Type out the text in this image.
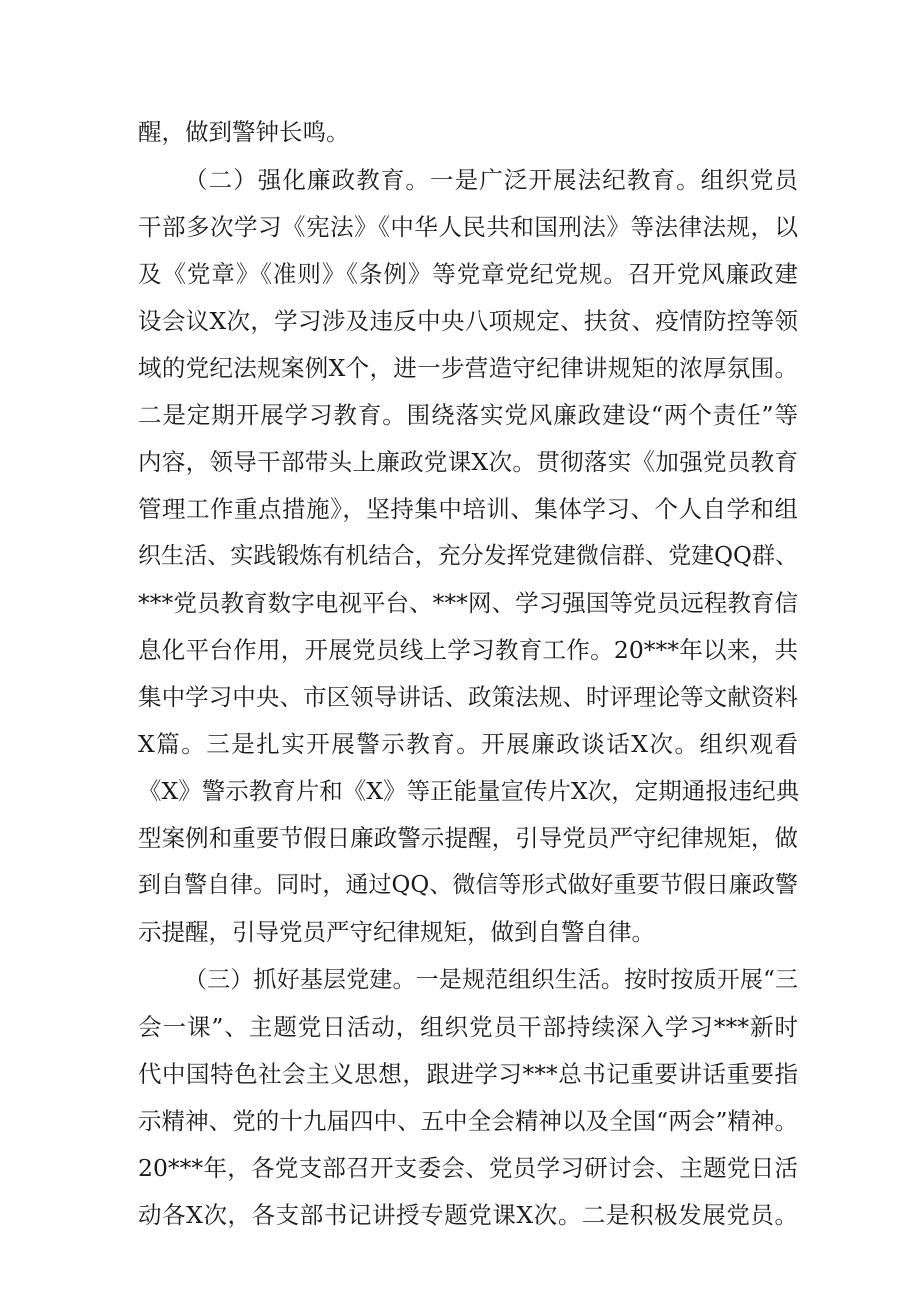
醒，做到警钟长鸣。
（二）强化廉政教育。一是广泛开展法纪教育。组织党员
干部多次学习《宪法》《中华人民共和国刑法》等法律法规，以
及《党章》《准则》《条例》等党章党纪党规。召开党风廉政建
设会议X次，学习涉及违反中央八项规定、扶贫、疫情防控等领
域的党纪法规案例X个，进一步营造守纪律讲规矩的浓厚氛围。
二是定期开展学习教育。围绕落实党风廉政建设“两个责任”等
内容，领导干部带头上廉政党课X次。贯彻落实《加强党员教育
管理工作重点措施》，坚持集中培训、集体学习、个人自学和组
织生活、实践锻炼有机结合，充分发挥党建微信群、党建QQ群、
***党员教育数字电视平台、***网、学习强国等党员远程教育信
息化平台作用，开展党员线上学习教育工作。20***年以来，共
集中学习中央、市区领导讲话、政策法规、时评理论等文献资料
X篇。三是扎实开展警示教育。开展廉政谈话X次。组织观看
《X》警示教育片和《X》等正能量宣传片X次，定期通报违纪典
型案例和重要节假日廉政警示提醒，引导党员严守纪律规矩，做
到自警自律。同时，通过QQ、微信等形式做好重要节假日廉政警
示提醒，引导党员严守纪律规矩，做到自警自律。
（三）抓好基层党建。一是规范组织生活。按时按质开展“三
会一课”、主题党日活动，组织党员干部持续深入学习***新时
代中国特色社会主义思想，跟进学习***总书记重要讲话重要指
示精神、党的十九届四中、五中全会精神以及全国“两会”精神。
20***年，各党支部召开支委会、党员学习研讨会、主题党日活
动各X次，各支部书记讲授专题党课X次。二是积极发展党员。
